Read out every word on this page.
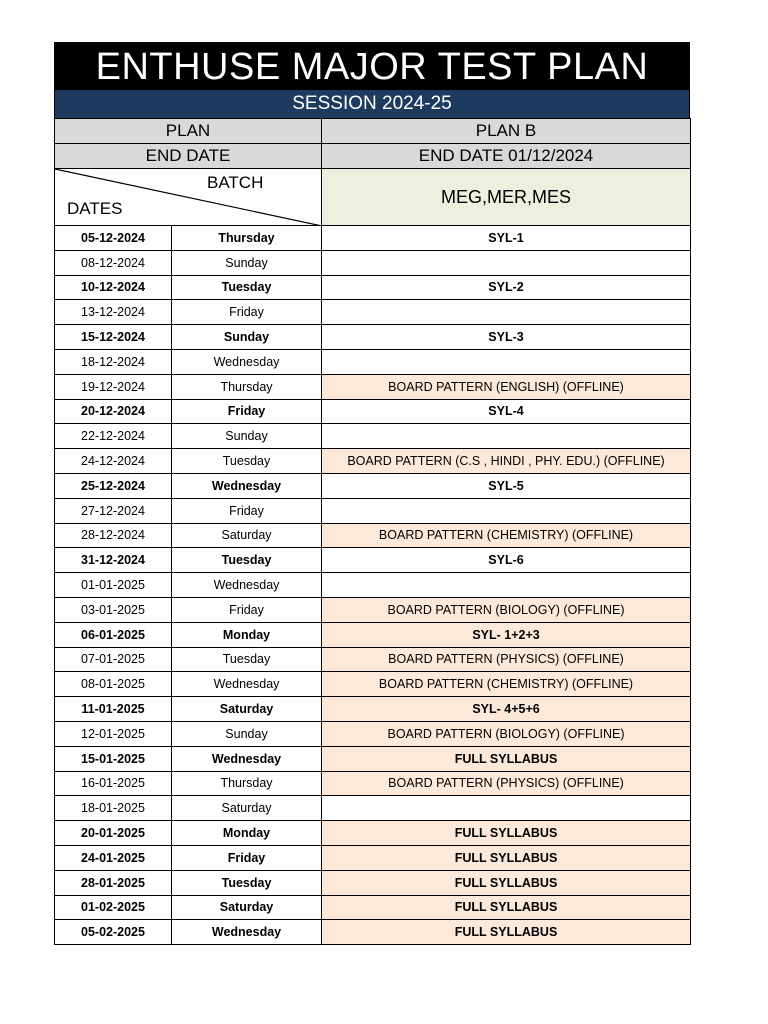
ENTHUSE MAJOR TEST PLAN
SESSION 2024-25
PLAN		PLAN B
END DATE		END DATE 01/12/2024

BATCH
DATES		MEG,MER,MES
05-12-2024	Thursday	SYL-1
08-12-2024	Sunday	
10-12-2024	Tuesday	SYL-2
13-12-2024	Friday	
15-12-2024	Sunday	SYL-3
18-12-2024	Wednesday	
19-12-2024	Thursday	BOARD PATTERN (ENGLISH) (OFFLINE)
20-12-2024	Friday	SYL-4
22-12-2024	Sunday	
24-12-2024	Tuesday	BOARD PATTERN (C.S , HINDI , PHY. EDU.) (OFFLINE)
25-12-2024	Wednesday	SYL-5
27-12-2024	Friday	
28-12-2024	Saturday	BOARD PATTERN (CHEMISTRY) (OFFLINE)
31-12-2024	Tuesday	SYL-6
01-01-2025	Wednesday	
03-01-2025	Friday	BOARD PATTERN (BIOLOGY) (OFFLINE)
06-01-2025	Monday	SYL- 1+2+3
07-01-2025	Tuesday	BOARD PATTERN (PHYSICS) (OFFLINE)
08-01-2025	Wednesday	BOARD PATTERN (CHEMISTRY) (OFFLINE)
11-01-2025	Saturday	SYL- 4+5+6
12-01-2025	Sunday	BOARD PATTERN (BIOLOGY) (OFFLINE)
15-01-2025	Wednesday	FULL SYLLABUS
16-01-2025	Thursday	BOARD PATTERN (PHYSICS) (OFFLINE)
18-01-2025	Saturday	
20-01-2025	Monday	FULL SYLLABUS
24-01-2025	Friday	FULL SYLLABUS
28-01-2025	Tuesday	FULL SYLLABUS
01-02-2025	Saturday	FULL SYLLABUS
05-02-2025	Wednesday	FULL SYLLABUS
